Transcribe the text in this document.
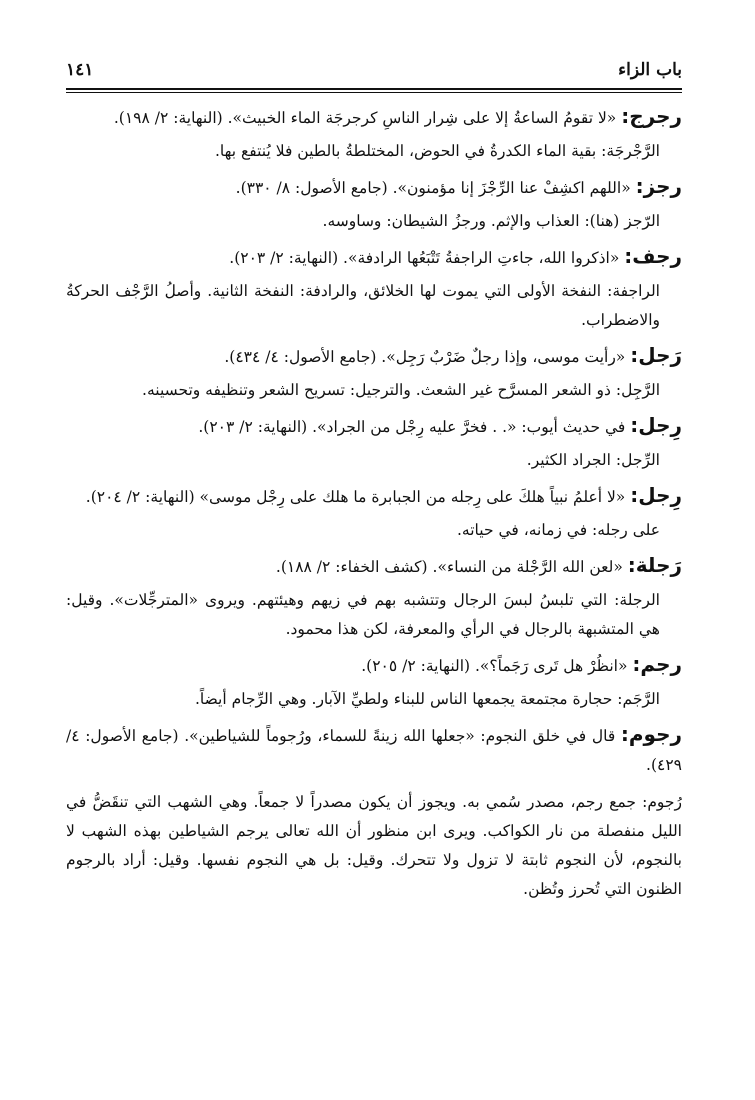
باب الزاء
١٤١

رجرج: «لا تقومُ الساعةُ إلا على شِرار الناسِ كرجرجَة الماء الخبيث». (النهاية: ٢/ ١٩٨).

الرَّجْرجَة: بقية الماء الكدرةُ في الحوض، المختلطةُ بالطين فلا يُنتفع بها.

رجز: «اللهم اكشِفْ عنا الرِّجْزَ إنا مؤمنون». (جامع الأصول: ٨/ ٣٣٠).

الرّجز (هنا): العذاب والإثم. ورجزُ الشيطان: وساوسه.

رجف: «اذكروا الله، جاءتِ الراجفةُ تَتْبَعُها الرادفة». (النهاية: ٢/ ٢٠٣).

الراجفة: النفخة الأولى التي يموت لها الخلائق، والرادفة: النفخة الثانية. وأصلُ الرَّجْف الحركةُ والاضطراب.

رَجل: «رأيت موسى، وإذا رجلٌ ضَرْبٌ رَجِل». (جامع الأصول: ٤/ ٤٣٤).

الرَّجِل: ذو الشعر المسرَّح غير الشعث. والترجيل: تسريح الشعر وتنظيفه وتحسينه.

رِجل: في حديث أيوب: «. . فخرَّ عليه رِجْل من الجراد». (النهاية: ٢/ ٢٠٣).

الرِّجل: الجراد الكثير.

رِجل: «لا أعلمُ نبياً هلكَ على رِجله من الجبابرة ما هلك على رِجْل موسى» (النهاية: ٢/ ٢٠٤).

على رجله: في زمانه، في حياته.

رَجلة: «لعن الله الرَّجْلة من النساء». (كشف الخفاء: ٢/ ١٨٨).

الرجلة: التي تلبسُ لبسَ الرجال وتتشبه بهم في زيهم وهيئتهم. ويروى «المترجِّلات». وقيل: هي المتشبهة بالرجال في الرأي والمعرفة، لكن هذا محمود.

رجم: «انظُرْ هل تَرى رَجَماً؟». (النهاية: ٢/ ٢٠٥).

الرَّجَم: حجارة مجتمعة يجمعها الناس للبناء ولطيِّ الآبار. وهي الرِّجام أيضاً.

رجوم: قال في خلق النجوم: «جعلها الله زينةً للسماء، ورُجوماً للشياطين». (جامع الأصول: ٤/ ٤٢٩).

رُجوم: جمع رجم، مصدر سُمي به. ويجوز أن يكون مصدراً لا جمعاً. وهي الشهب التي تنقَضُّ في الليل منفصلة من نار الكواكب. ويرى ابن منظور أن الله تعالى يرجم الشياطين بهذه الشهب لا بالنجوم، لأن النجوم ثابتة لا تزول ولا تتحرك. وقيل: بل هي النجوم نفسها. وقيل: أراد بالرجوم الظنون التي تُحرز وتُظن.
